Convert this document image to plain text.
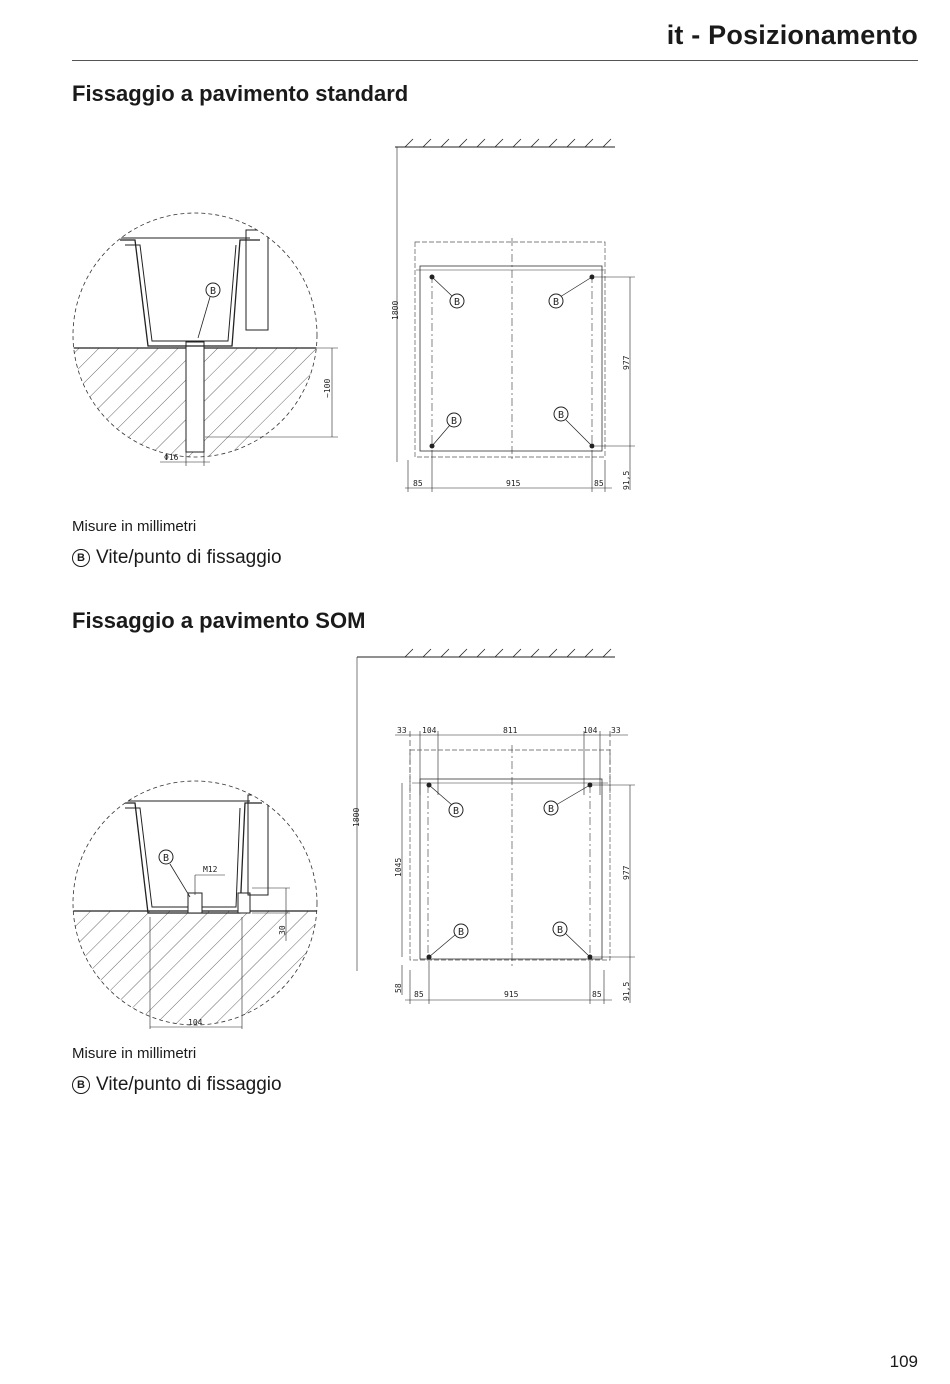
it - Posizionamento
Fissaggio a pavimento standard
B
~100
Φ16
1800	B	B
B
B
977
91,5
85	915	85
Misure in millimetri
B Vite/punto di fissaggio
Fissaggio a pavimento SOM
B
M12
30
104
1800
33 104	811	104 33
1045
B	B
B	B
977
91,5
58
85	915	85
Misure in millimetri
B Vite/punto di fissaggio
109
